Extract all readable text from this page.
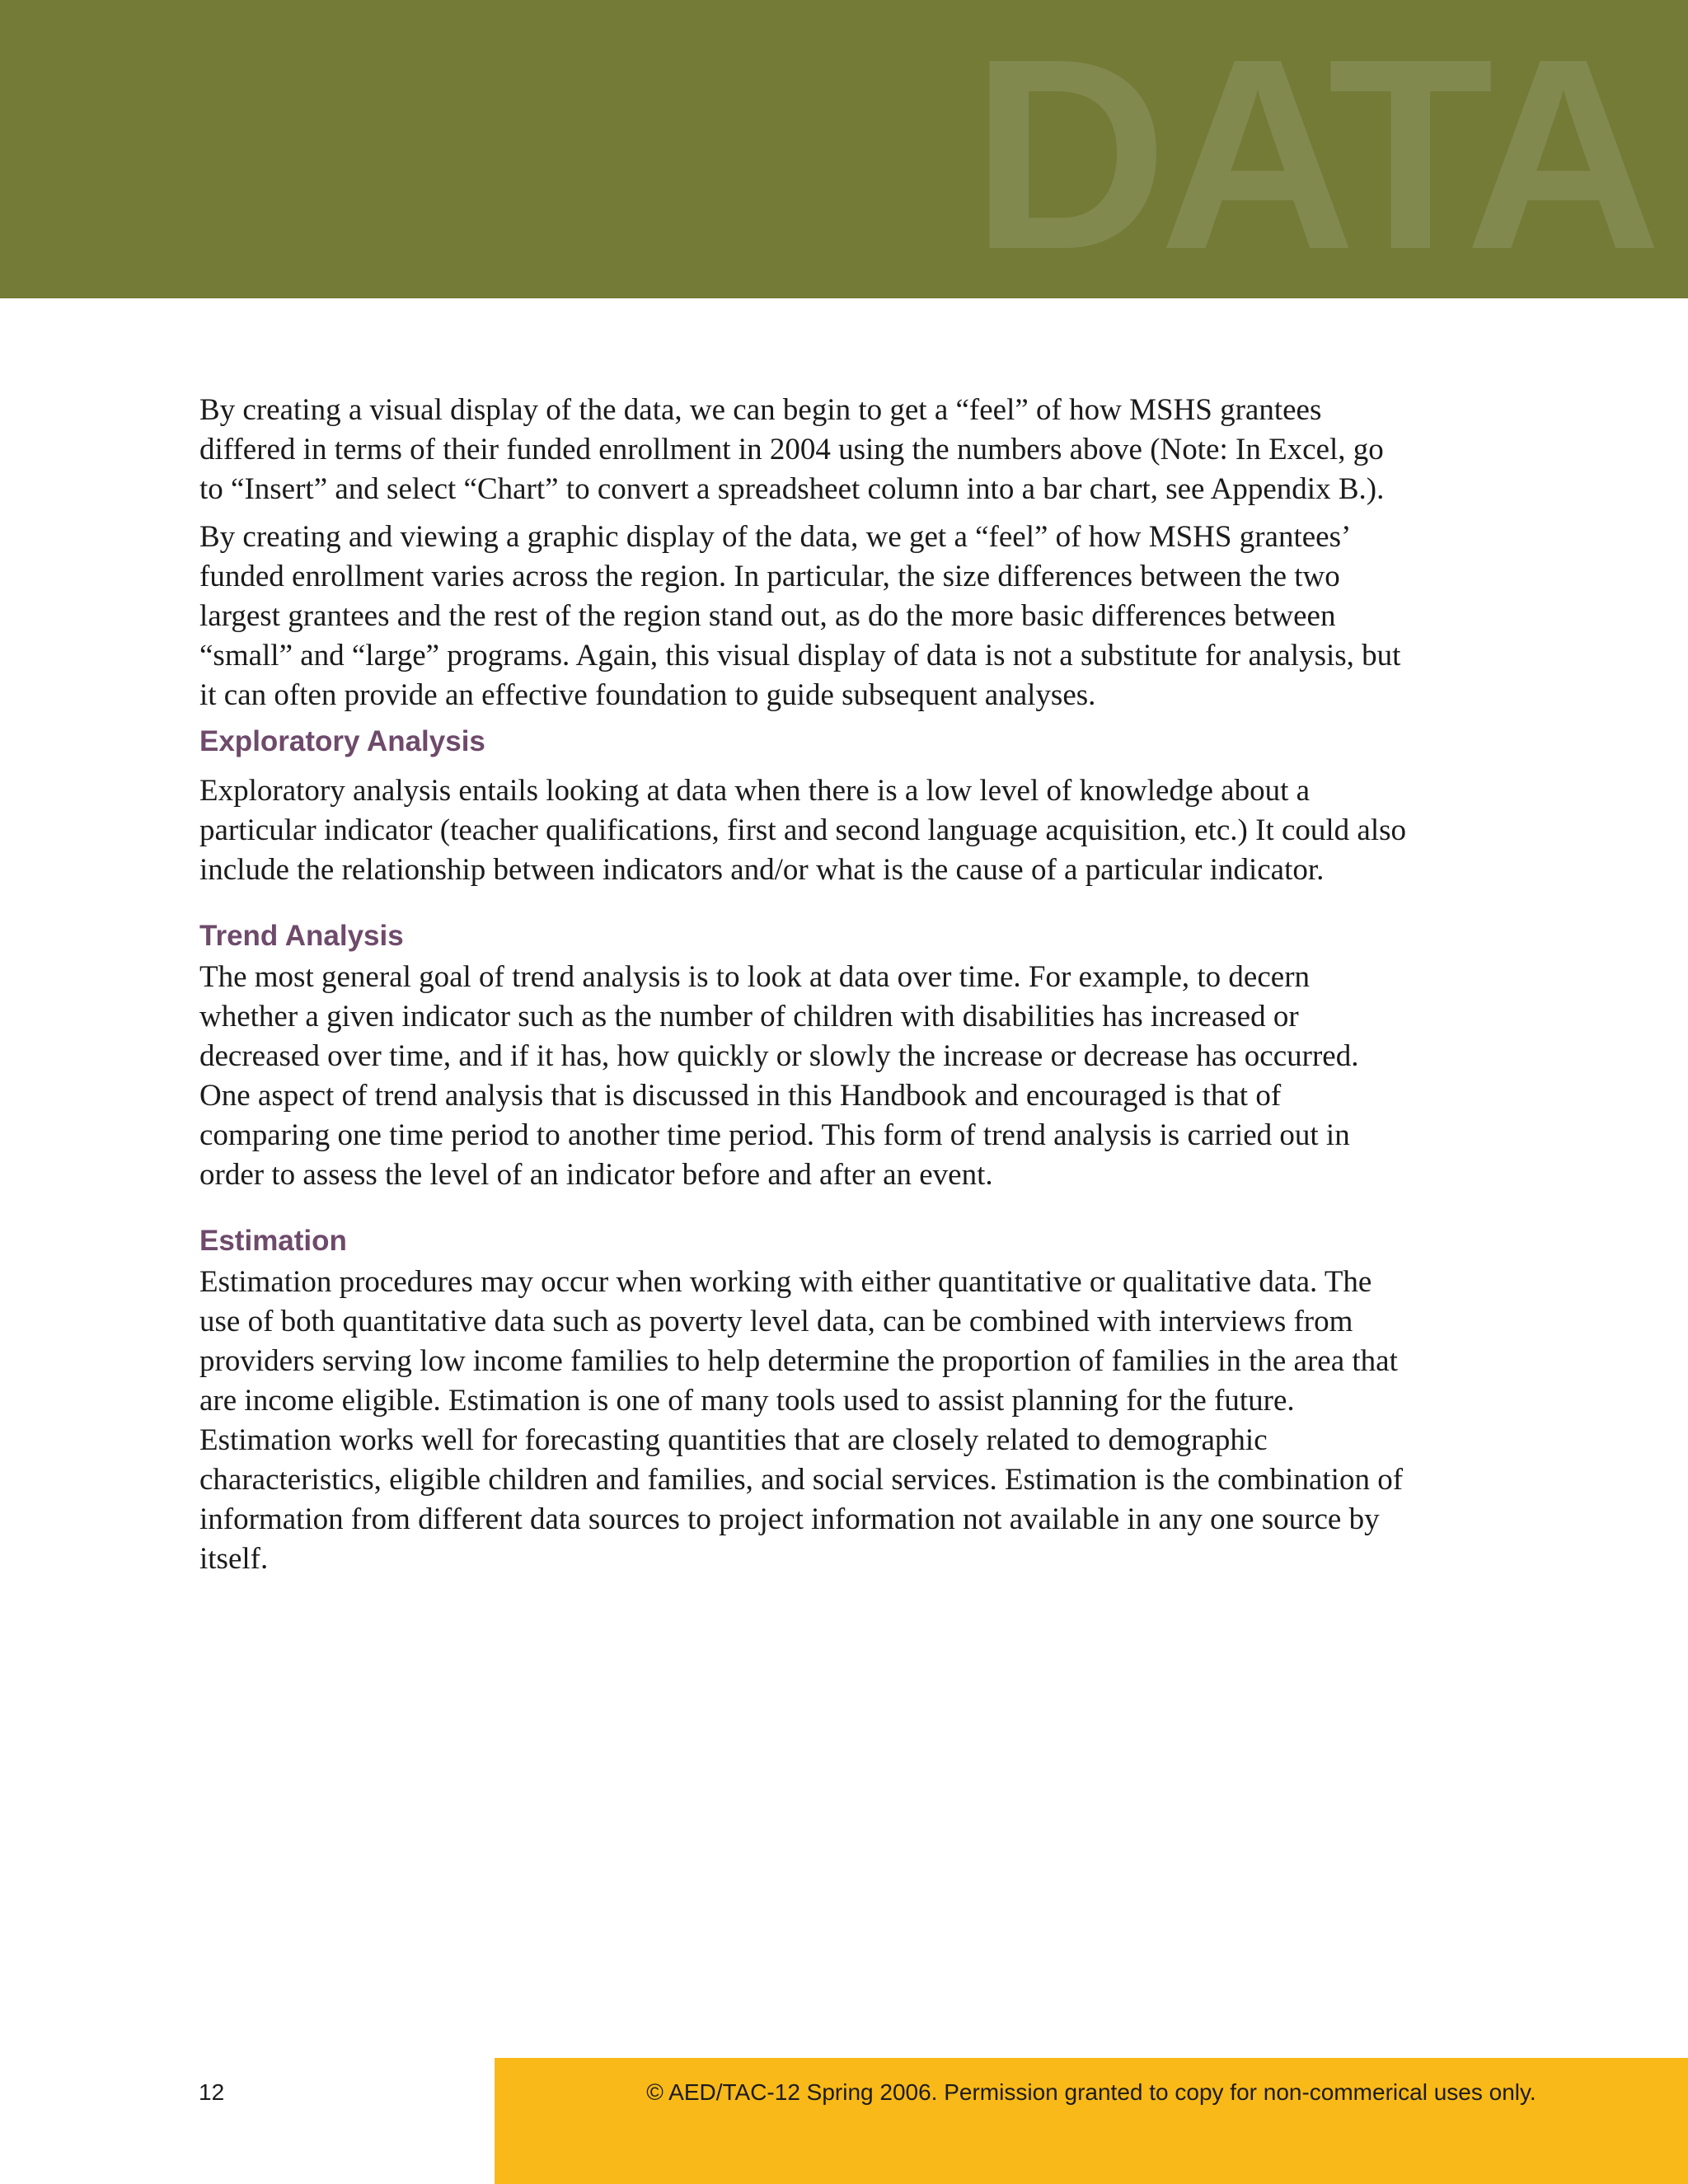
DATA

By creating a visual display of the data, we can begin to get a “feel” of how MSHS grantees differed in terms of their funded enrollment in 2004 using the numbers above (Note: In Excel, go to “Insert” and select “Chart” to convert a spreadsheet column into a bar chart, see Appendix B.).

By creating and viewing a graphic display of the data, we get a “feel” of how MSHS grantees’ funded enrollment varies across the region. In particular, the size differences between the two largest grantees and the rest of the region stand out, as do the more basic differences between “small” and “large” programs. Again, this visual display of data is not a substitute for analysis, but it can often provide an effective foundation to guide subsequent analyses.

Exploratory Analysis

Exploratory analysis entails looking at data when there is a low level of knowledge about a particular indicator (teacher qualifications, first and second language acquisition, etc.) It could also include the relationship between indicators and/or what is the cause of a particular indicator.

Trend Analysis

The most general goal of trend analysis is to look at data over time. For example, to decern whether a given indicator such as the number of children with disabilities has increased or decreased over time, and if it has, how quickly or slowly the increase or decrease has occurred. One aspect of trend analysis that is discussed in this Handbook and encouraged is that of comparing one time period to another time period. This form of trend analysis is carried out in order to assess the level of an indicator before and after an event.

Estimation

Estimation procedures may occur when working with either quantitative or qualitative data. The use of both quantitative data such as poverty level data, can be combined with interviews from providers serving low income families to help determine the proportion of families in the area that are income eligible. Estimation is one of many tools used to assist planning for the future. Estimation works well for forecasting quantities that are closely related to demographic characteristics, eligible children and families, and social services. Estimation is the combination of information from different data sources to project information not available in any one source by itself.

12	© AED/TAC-12 Spring 2006. Permission granted to copy for non-commerical uses only.
